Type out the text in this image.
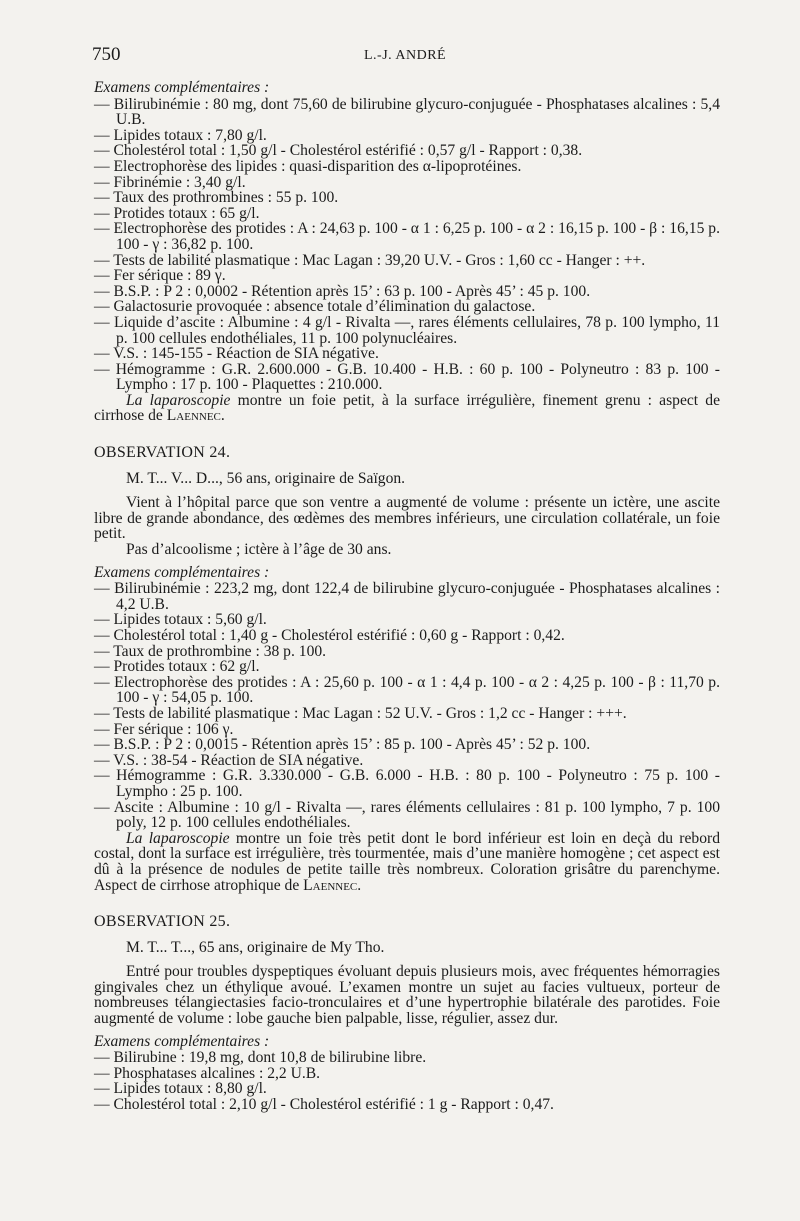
750	L.-J. ANDRÉ
Examens complémentaires :
— Bilirubinémie : 80 mg, dont 75,60 de bilirubine glycuro-conjuguée - Phosphatases alcalines : 5,4 U.B.
— Lipides totaux : 7,80 g/l.
— Cholestérol total : 1,50 g/l - Cholestérol estérifié : 0,57 g/l - Rapport : 0,38.
— Electrophorèse des lipides : quasi-disparition des α-lipoprotéines.
— Fibrinémie : 3,40 g/l.
— Taux des prothrombines : 55 p. 100.
— Protides totaux : 65 g/l.
— Electrophorèse des protides : A : 24,63 p. 100 - α 1 : 6,25 p. 100 - α 2 : 16,15 p. 100 - β : 16,15 p. 100 - γ : 36,82 p. 100.
— Tests de labilité plasmatique : Mac Lagan : 39,20 U.V. - Gros : 1,60 cc - Hanger : ++.
— Fer sérique : 89 γ.
— B.S.P. : P 2 : 0,0002 - Rétention après 15’ : 63 p. 100 - Après 45’ : 45 p. 100.
— Galactosurie provoquée : absence totale d’élimination du galactose.
— Liquide d’ascite : Albumine : 4 g/l - Rivalta —, rares éléments cellulaires, 78 p. 100 lympho, 11 p. 100 cellules endothéliales, 11 p. 100 polynucléaires.
— V.S. : 145-155 - Réaction de SIA négative.
— Hémogramme : G.R. 2.600.000 - G.B. 10.400 - H.B. : 60 p. 100 - Polyneutro : 83 p. 100 - Lympho : 17 p. 100 - Plaquettes : 210.000.

La laparoscopie montre un foie petit, à la surface irrégulière, finement grenu : aspect de cirrhose de Laennec.

OBSERVATION 24.

M. T... V... D..., 56 ans, originaire de Saïgon.

Vient à l’hôpital parce que son ventre a augmenté de volume : présente un ictère, une ascite libre de grande abondance, des œdèmes des membres inférieurs, une circulation collatérale, un foie petit.

Pas d’alcoolisme ; ictère à l’âge de 30 ans.

Examens complémentaires :
— Bilirubinémie : 223,2 mg, dont 122,4 de bilirubine glycuro-conjuguée - Phosphatases alcalines : 4,2 U.B.
— Lipides totaux : 5,60 g/l.
— Cholestérol total : 1,40 g - Cholestérol estérifié : 0,60 g - Rapport : 0,42.
— Taux de prothrombine : 38 p. 100.
— Protides totaux : 62 g/l.
— Electrophorèse des protides : A : 25,60 p. 100 - α 1 : 4,4 p. 100 - α 2 : 4,25 p. 100 - β : 11,70 p. 100 - γ : 54,05 p. 100.
— Tests de labilité plasmatique : Mac Lagan : 52 U.V. - Gros : 1,2 cc - Hanger : +++.
— Fer sérique : 106 γ.
— B.S.P. : P 2 : 0,0015 - Rétention après 15’ : 85 p. 100 - Après 45’ : 52 p. 100.
— V.S. : 38-54 - Réaction de SIA négative.
— Hémogramme : G.R. 3.330.000 - G.B. 6.000 - H.B. : 80 p. 100 - Polyneutro : 75 p. 100 - Lympho : 25 p. 100.
— Ascite : Albumine : 10 g/l - Rivalta —, rares éléments cellulaires : 81 p. 100 lympho, 7 p. 100 poly, 12 p. 100 cellules endothéliales.

La laparoscopie montre un foie très petit dont le bord inférieur est loin en deçà du rebord costal, dont la surface est irrégulière, très tourmentée, mais d’une manière homogène ; cet aspect est dû à la présence de nodules de petite taille très nombreux. Coloration grisâtre du parenchyme. Aspect de cirrhose atrophique de Laennec.

OBSERVATION 25.

M. T... T..., 65 ans, originaire de My Tho.

Entré pour troubles dyspeptiques évoluant depuis plusieurs mois, avec fréquentes hémorragies gingivales chez un éthylique avoué. L’examen montre un sujet au facies vultueux, porteur de nombreuses télangiectasies facio-tronculaires et d’une hypertrophie bilatérale des parotides. Foie augmenté de volume : lobe gauche bien palpable, lisse, régulier, assez dur.

Examens complémentaires :
— Bilirubine : 19,8 mg, dont 10,8 de bilirubine libre.
— Phosphatases alcalines : 2,2 U.B.
— Lipides totaux : 8,80 g/l.
— Cholestérol total : 2,10 g/l - Cholestérol estérifié : 1 g - Rapport : 0,47.
